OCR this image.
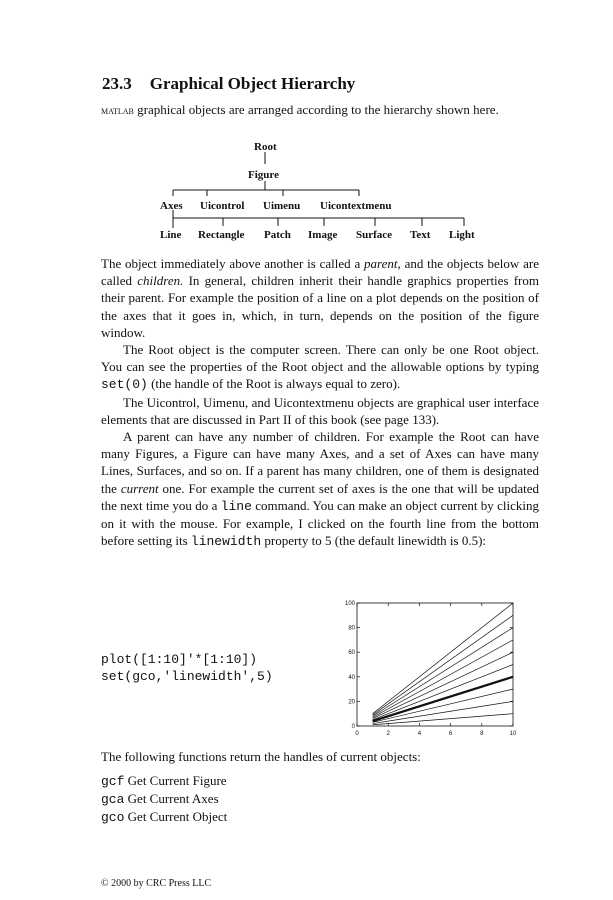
23.3 Graphical Object Hierarchy
matlab graphical objects are arranged according to the hierarchy shown here.
Root
Figure
Axes Uicontrol Uimenu Uicontextmenu
Line Rectangle Patch Image Surface Text Light
The object immediately above another is called a parent, and the objects below are called children. In general, children inherit their handle graphics properties from their parent. For example the position of a line on a plot depends on the position of the axes that it goes in, which, in turn, depends on the position of the figure window.
The Root object is the computer screen. There can only be one Root object. You can see the properties of the Root object and the allowable options by typing set(0) (the handle of the Root is always equal to zero).
The Uicontrol, Uimenu, and Uicontextmenu objects are graphical user interface elements that are discussed in Part II of this book (see page 133).
A parent can have any number of children. For example the Root can have many Figures, a Figure can have many Axes, and a set of Axes can have many Lines, Surfaces, and so on. If a parent has many children, one of them is designated the current one. For example the current set of axes is the one that will be updated the next time you do a line command. You can make an object current by clicking on it with the mouse. For example, I clicked on the fourth line from the bottom before setting its linewidth property to 5 (the default linewidth is 0.5):
plot([1:10]'*[1:10])
set(gco,'linewidth',5)
0	2	4	6	8	10
0
20
40
60
80
100
The following functions return the handles of current objects:
gcf Get Current Figure
gca Get Current Axes
gco Get Current Object
© 2000 by CRC Press LLC
